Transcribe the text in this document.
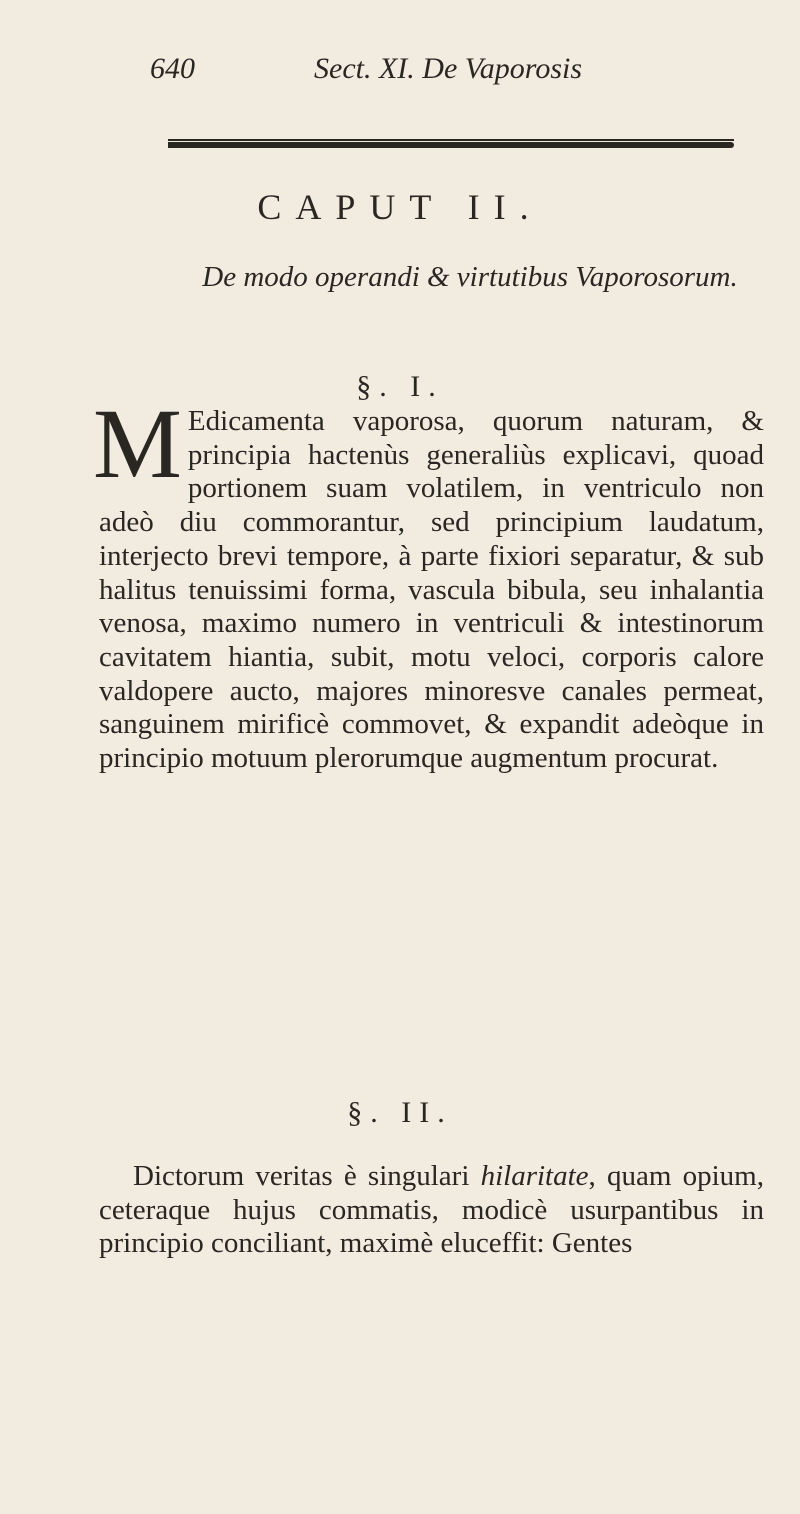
640	Sect. XI. De Vaporosis
CAPUT II.
De modo operandi & virtutibus Vaporosorum.
§. I.
M Edicamenta vaporosa, quorum naturam, & principia hactenùs generaliùs explicavi, quoad portionem suam volatilem, in ventriculo non adeò diu commorantur, sed principium laudatum, interjecto brevi tempore, à parte fixiori separatur, & sub halitus tenuissimi forma, vascula bibula, seu inhalantia venosa, maximo numero in ventriculi & intestinorum cavitatem hiantia, subit, motu veloci, corporis calore valdopere aucto, majores minoresve canales permeat, sanguinem mirificè commovet, & expandit adeòque in principio motuum plerorumque augmentum procurat.
§. II.
Dictorum veritas è singulari hilaritate, quam opium, ceteraque hujus commatis, modicè usurpantibus in principio conciliant, maximè eluceffit: Gentes
